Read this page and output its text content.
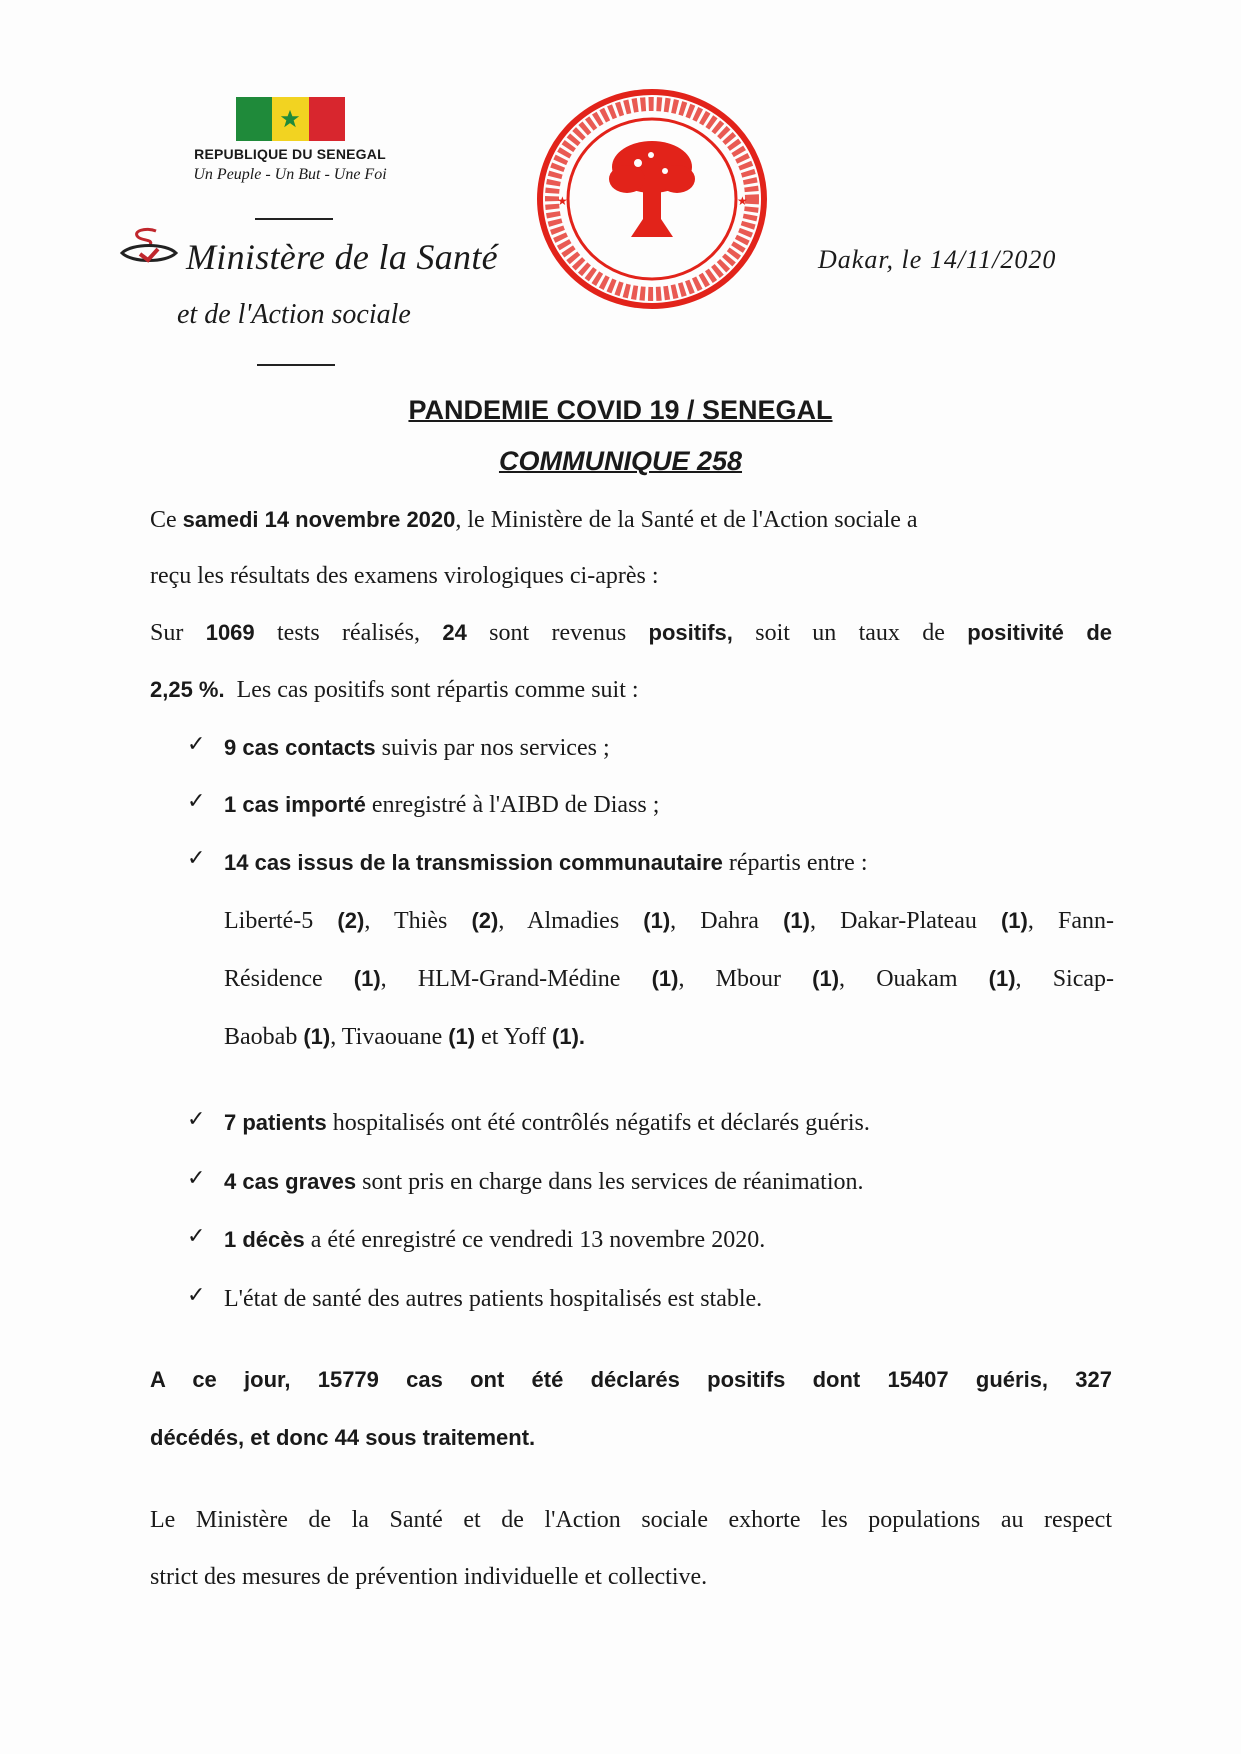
REPUBLIQUE DU SENEGAL
Un Peuple - Un But - Une Foi
Ministère de la Santé
et de l'Action sociale
★	★
Dakar, le 14/11/2020
PANDEMIE COVID 19 / SENEGAL
COMMUNIQUE 258
Ce samedi 14 novembre 2020, le Ministère de la Santé et de l'Action sociale a
reçu les résultats des examens virologiques ci-après :
Sur 1069 tests réalisés, 24 sont revenus positifs, soit un taux de positivité de
2,25 %.  Les cas positifs sont répartis comme suit :
✓ 9 cas contacts suivis par nos services ;
✓ 1 cas importé enregistré à l'AIBD de Diass ;
✓ 14 cas issus de la transmission communautaire répartis entre :
Liberté-5 (2), Thiès (2), Almadies (1), Dahra (1), Dakar-Plateau (1), Fann-
Résidence (1), HLM-Grand-Médine (1), Mbour (1), Ouakam (1), Sicap-
Baobab (1), Tivaouane (1) et Yoff (1).
✓ 7 patients hospitalisés ont été contrôlés négatifs et déclarés guéris.
✓ 4 cas graves sont pris en charge dans les services de réanimation.
✓ 1 décès a été enregistré ce vendredi 13 novembre 2020.
✓ L'état de santé des autres patients hospitalisés est stable.
A ce jour, 15779 cas ont été déclarés positifs dont 15407 guéris, 327
décédés, et donc 44 sous traitement.
Le Ministère de la Santé et de l'Action sociale exhorte les populations au respect
strict des mesures de prévention individuelle et collective.
